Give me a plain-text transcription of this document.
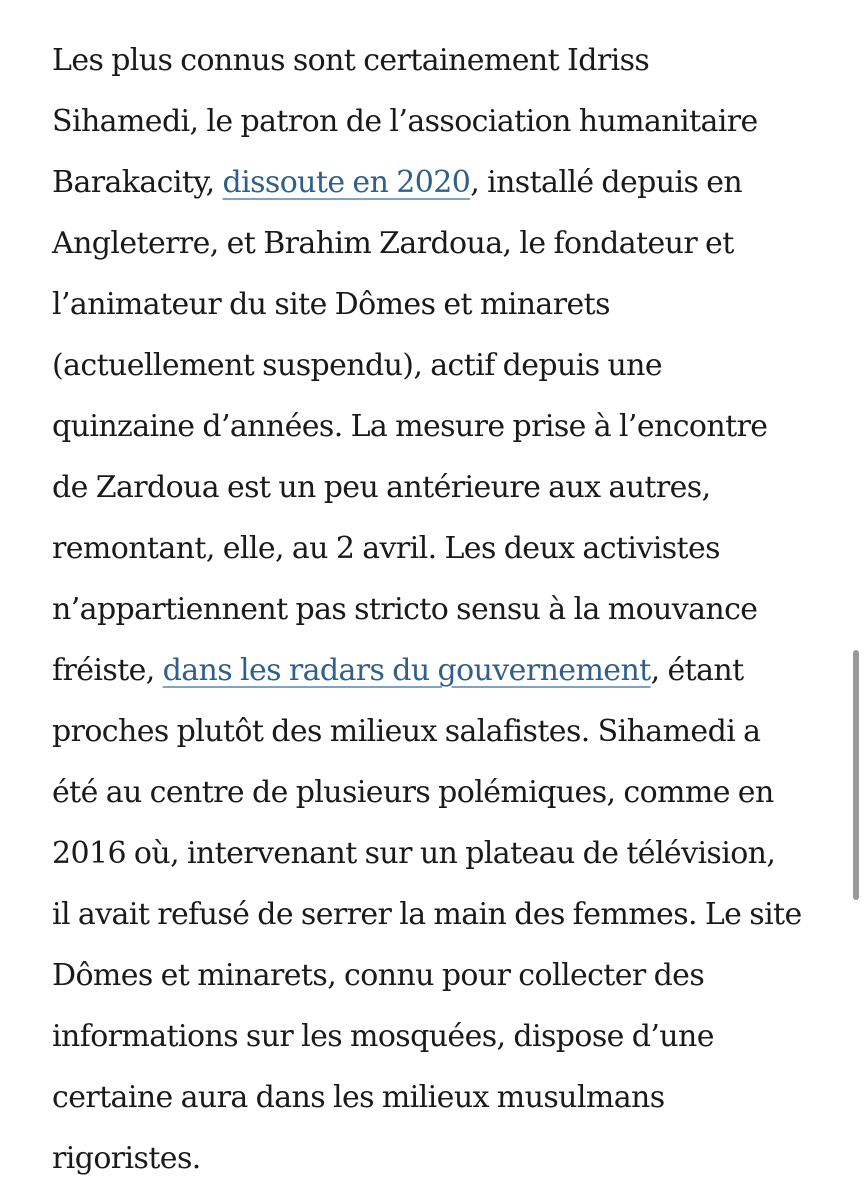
Les plus connus sont certainement Idriss
Sihamedi, le patron de l’association humanitaire
Barakacity, dissoute en 2020, installé depuis en
Angleterre, et Brahim Zardoua, le fondateur et
l’animateur du site Dômes et minarets
(actuellement suspendu), actif depuis une
quinzaine d’années. La mesure prise à l’encontre
de Zardoua est un peu antérieure aux autres,
remontant, elle, au 2 avril. Les deux activistes
n’appartiennent pas stricto sensu à la mouvance
fréiste, dans les radars du gouvernement, étant
proches plutôt des milieux salafistes. Sihamedi a
été au centre de plusieurs polémiques, comme en
2016 où, intervenant sur un plateau de télévision,
il avait refusé de serrer la main des femmes. Le site
Dômes et minarets, connu pour collecter des
informations sur les mosquées, dispose d’une
certaine aura dans les milieux musulmans
rigoristes.
